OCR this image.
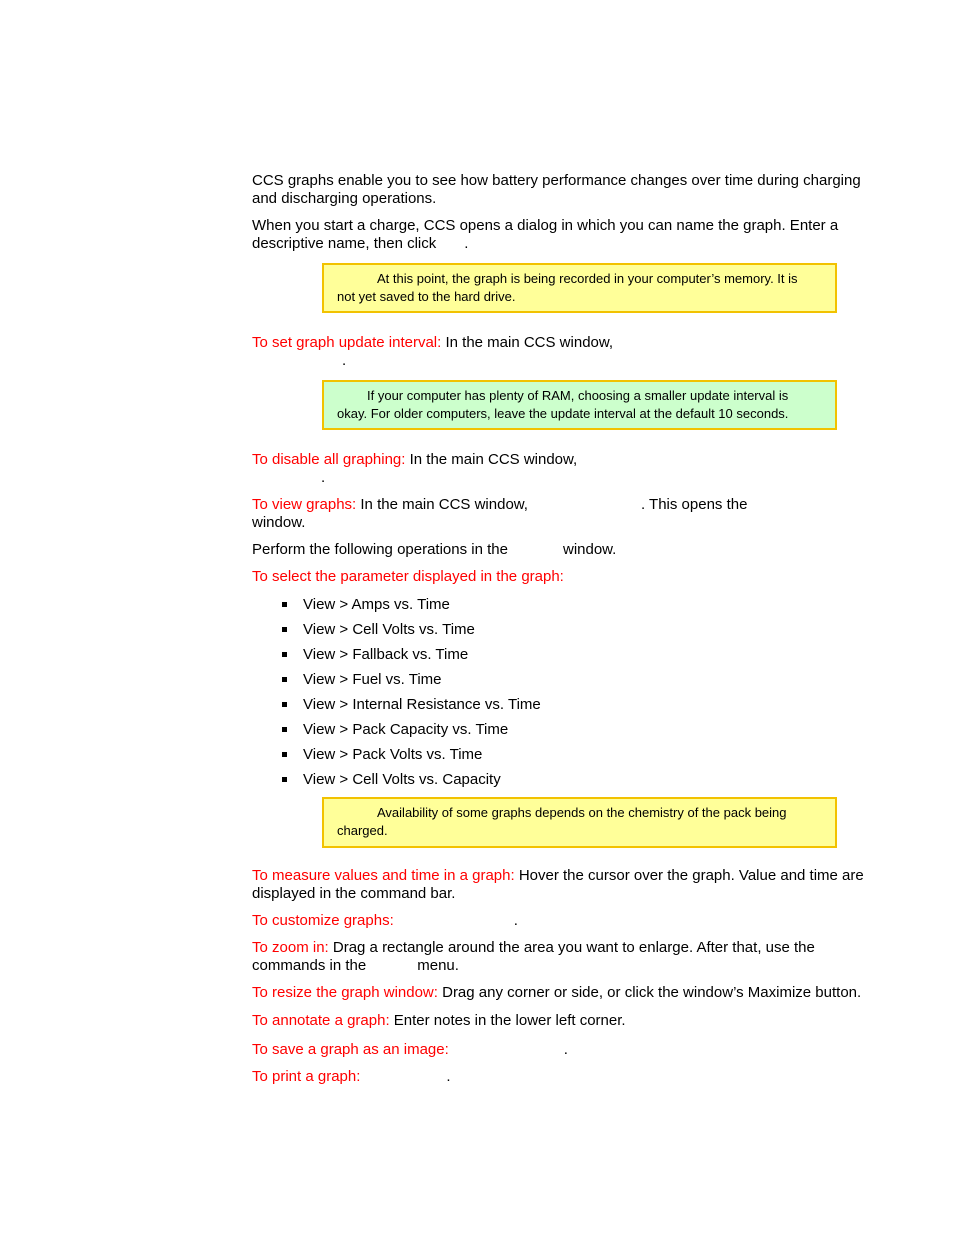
CCS graphs enable you to see how battery performance changes over time during charging and discharging operations.

When you start a charge, CCS opens a dialog in which you can name the graph. Enter a descriptive name, then click .

At this point, the graph is being recorded in your computer’s memory. It is not yet saved to the hard drive.

To set graph update interval: In the main CCS window,
.

If your computer has plenty of RAM, choosing a smaller update interval is okay. For older computers, leave the update interval at the default 10 seconds.

To disable all graphing: In the main CCS window,
.

To view graphs: In the main CCS window,	. This opens the
window.

Perform the following operations in the	window.

To select the parameter displayed in the graph:

View > Amps vs. Time
View > Cell Volts vs. Time
View > Fallback vs. Time
View > Fuel vs. Time
View > Internal Resistance vs. Time
View > Pack Capacity vs. Time
View > Pack Volts vs. Time
View > Cell Volts vs. Capacity
Availability of some graphs depends on the chemistry of the pack being charged.

To measure values and time in a graph: Hover the cursor over the graph. Value and time are displayed in the command bar.

To customize graphs:	.

To zoom in: Drag a rectangle around the area you want to enlarge. After that, use the commands in the	menu.

To resize the graph window: Drag any corner or side, or click the window’s Maximize button.

To annotate a graph: Enter notes in the lower left corner.

To save a graph as an image:	.

To print a graph:	.
